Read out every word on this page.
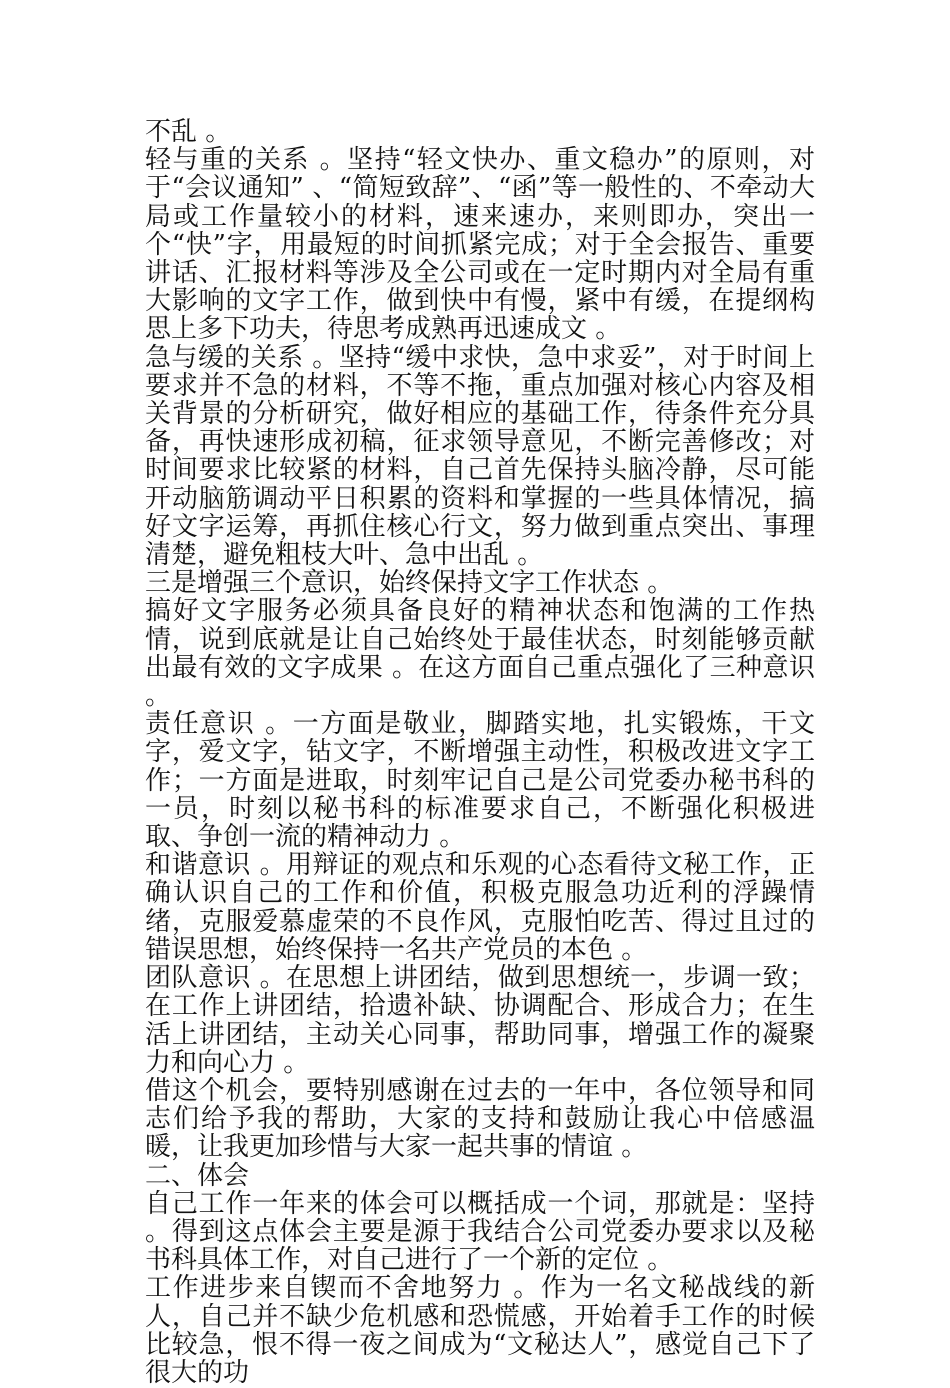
不乱 。

轻与重的关系 。坚持“轻文快办、重文稳办”的原则，对于“会议通知” 、“简短致辞”、“函”等一般性的、不牵动大局或工作量较小的材料，速来速办，来则即办，突出一个“快”字，用最短的时间抓紧完成；对于全会报告、重要讲话、汇报材料等涉及全公司或在一定时期内对全局有重大影响的文字工作，做到快中有慢，紧中有缓，在提纲构思上多下功夫，待思考成熟再迅速成文 。

急与缓的关系 。坚持“缓中求快，急中求妥”，对于时间上要求并不急的材料，不等不拖，重点加强对核心内容及相关背景的分析研究，做好相应的基础工作，待条件充分具备，再快速形成初稿，征求领导意见，不断完善修改；对时间要求比较紧的材料，自己首先保持头脑冷静，尽可能开动脑筋调动平日积累的资料和掌握的一些具体情况，搞好文字运筹，再抓住核心行文，努力做到重点突出、事理清楚，避免粗枝大叶、急中出乱 。

三是增强三个意识，始终保持文字工作状态 。

搞好文字服务必须具备良好的精神状态和饱满的工作热情，说到底就是让自己始终处于最佳状态，时刻能够贡献出最有效的文字成果 。在这方面自己重点强化了三种意识 。

责任意识 。一方面是敬业，脚踏实地，扎实锻炼，干文字，爱文字，钻文字，不断增强主动性，积极改进文字工作；一方面是进取，时刻牢记自己是公司党委办秘书科的一员，时刻以秘书科的标准要求自己，不断强化积极进取、争创一流的精神动力 。

和谐意识 。用辩证的观点和乐观的心态看待文秘工作，正确认识自己的工作和价值，积极克服急功近利的浮躁情绪，克服爱慕虚荣的不良作风，克服怕吃苦、得过且过的错误思想，始终保持一名共产党员的本色 。

团队意识 。在思想上讲团结，做到思想统一，步调一致；在工作上讲团结，拾遗补缺、协调配合、形成合力；在生活上讲团结，主动关心同事，帮助同事，增强工作的凝聚力和向心力 。

借这个机会，要特别感谢在过去的一年中，各位领导和同志们给予我的帮助，大家的支持和鼓励让我心中倍感温暖，让我更加珍惜与大家一起共事的情谊 。

二、体会

自己工作一年来的体会可以概括成一个词，那就是：坚持 。得到这点体会主要是源于我结合公司党委办要求以及秘书科具体工作，对自己进行了一个新的定位 。

工作进步来自锲而不舍地努力 。作为一名文秘战线的新人，自己并不缺少危机感和恐慌感，开始着手工作的时候比较急，恨不得一夜之间成为“文秘达人”，感觉自己下了很大的功
